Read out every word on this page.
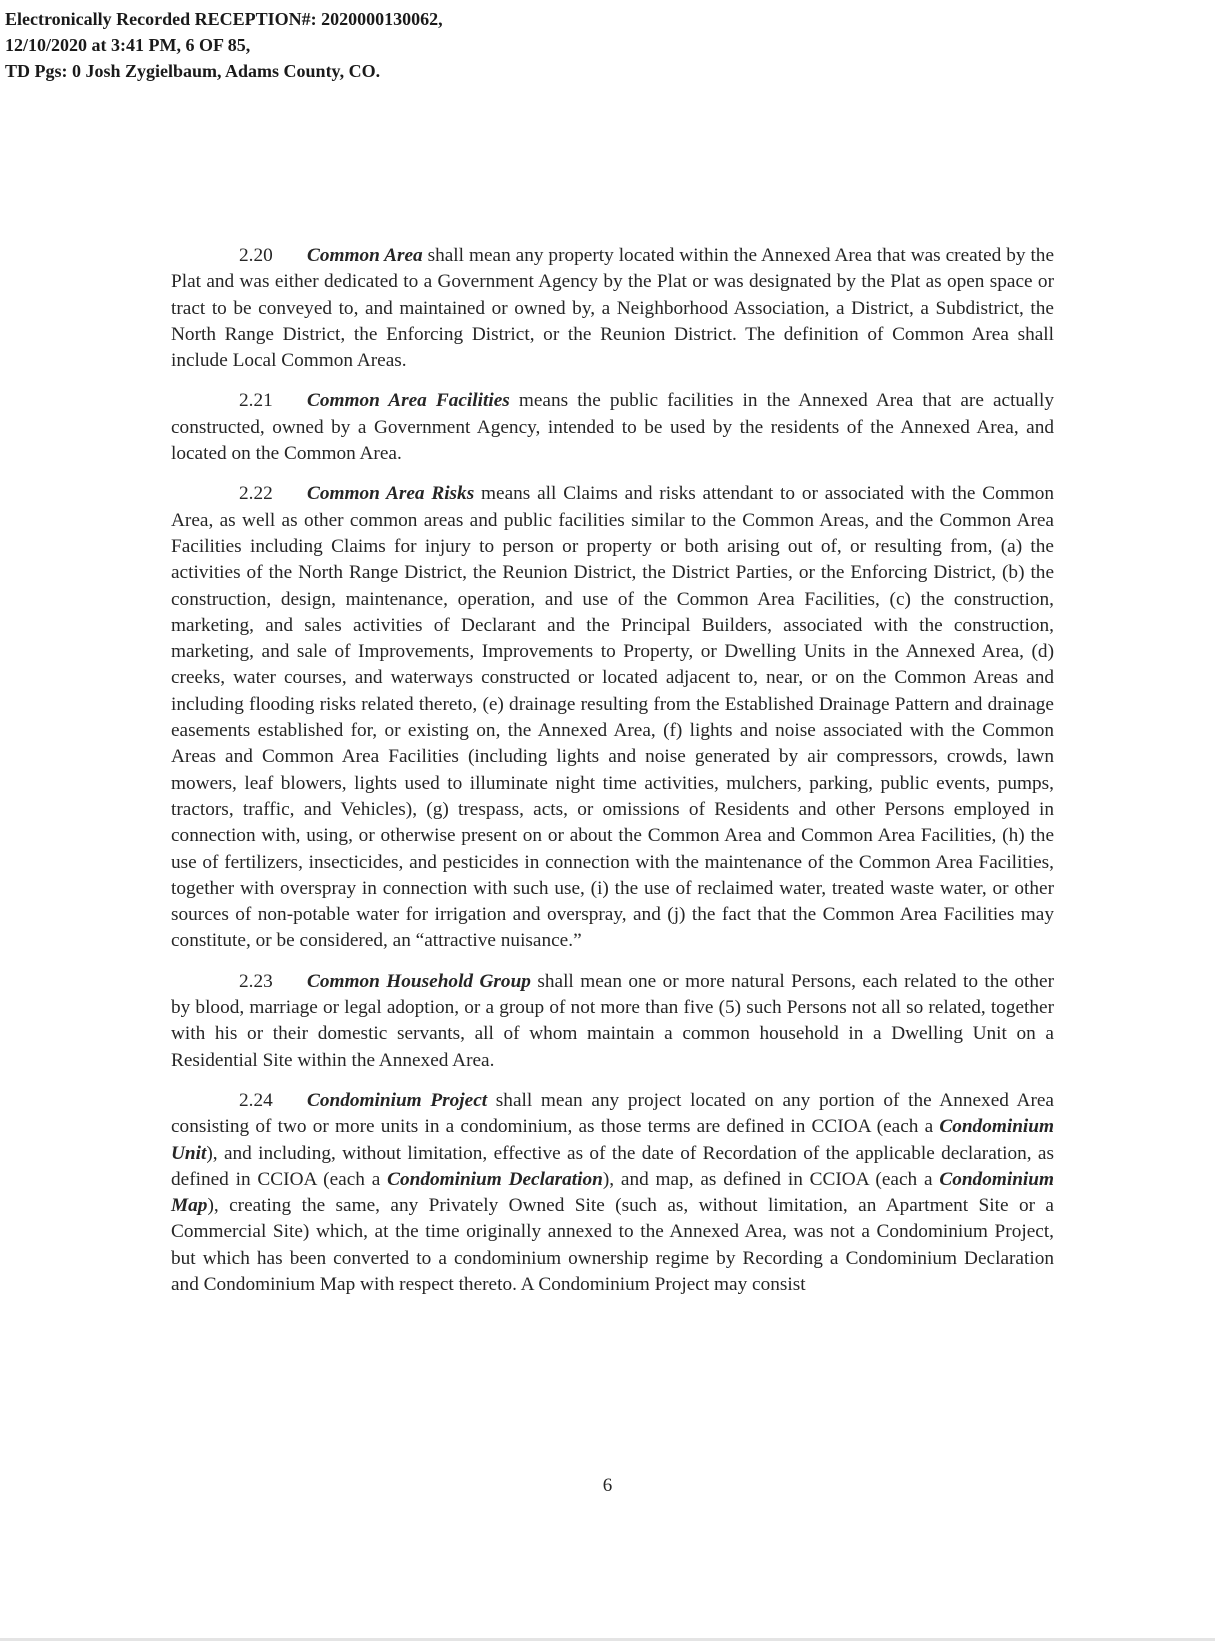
Electronically Recorded RECEPTION#: 2020000130062,
12/10/2020 at 3:41 PM, 6 OF 85,
TD Pgs: 0 Josh Zygielbaum, Adams County, CO.

2.20 Common Area shall mean any property located within the Annexed Area that was created by the Plat and was either dedicated to a Government Agency by the Plat or was designated by the Plat as open space or tract to be conveyed to, and maintained or owned by, a Neighborhood Association, a District, a Subdistrict, the North Range District, the Enforcing District, or the Reunion District. The definition of Common Area shall include Local Common Areas.

2.21 Common Area Facilities means the public facilities in the Annexed Area that are actually constructed, owned by a Government Agency, intended to be used by the residents of the Annexed Area, and located on the Common Area.

2.22 Common Area Risks means all Claims and risks attendant to or associated with the Common Area, as well as other common areas and public facilities similar to the Common Areas, and the Common Area Facilities including Claims for injury to person or property or both arising out of, or resulting from, (a) the activities of the North Range District, the Reunion District, the District Parties, or the Enforcing District, (b) the construction, design, maintenance, operation, and use of the Common Area Facilities, (c) the construction, marketing, and sales activities of Declarant and the Principal Builders, associated with the construction, marketing, and sale of Improvements, Improvements to Property, or Dwelling Units in the Annexed Area, (d) creeks, water courses, and waterways constructed or located adjacent to, near, or on the Common Areas and including flooding risks related thereto, (e) drainage resulting from the Established Drainage Pattern and drainage easements established for, or existing on, the Annexed Area, (f) lights and noise associated with the Common Areas and Common Area Facilities (including lights and noise generated by air compressors, crowds, lawn mowers, leaf blowers, lights used to illuminate night time activities, mulchers, parking, public events, pumps, tractors, traffic, and Vehicles), (g) trespass, acts, or omissions of Residents and other Persons employed in connection with, using, or otherwise present on or about the Common Area and Common Area Facilities, (h) the use of fertilizers, insecticides, and pesticides in connection with the maintenance of the Common Area Facilities, together with overspray in connection with such use, (i) the use of reclaimed water, treated waste water, or other sources of non-potable water for irrigation and overspray, and (j) the fact that the Common Area Facilities may constitute, or be considered, an “attractive nuisance.”

2.23 Common Household Group shall mean one or more natural Persons, each related to the other by blood, marriage or legal adoption, or a group of not more than five (5) such Persons not all so related, together with his or their domestic servants, all of whom maintain a common household in a Dwelling Unit on a Residential Site within the Annexed Area.

2.24 Condominium Project shall mean any project located on any portion of the Annexed Area consisting of two or more units in a condominium, as those terms are defined in CCIOA (each a Condominium Unit), and including, without limitation, effective as of the date of Recordation of the applicable declaration, as defined in CCIOA (each a Condominium Declaration), and map, as defined in CCIOA (each a Condominium Map), creating the same, any Privately Owned Site (such as, without limitation, an Apartment Site or a Commercial Site) which, at the time originally annexed to the Annexed Area, was not a Condominium Project, but which has been converted to a condominium ownership regime by Recording a Condominium Declaration and Condominium Map with respect thereto. A Condominium Project may consist

6
